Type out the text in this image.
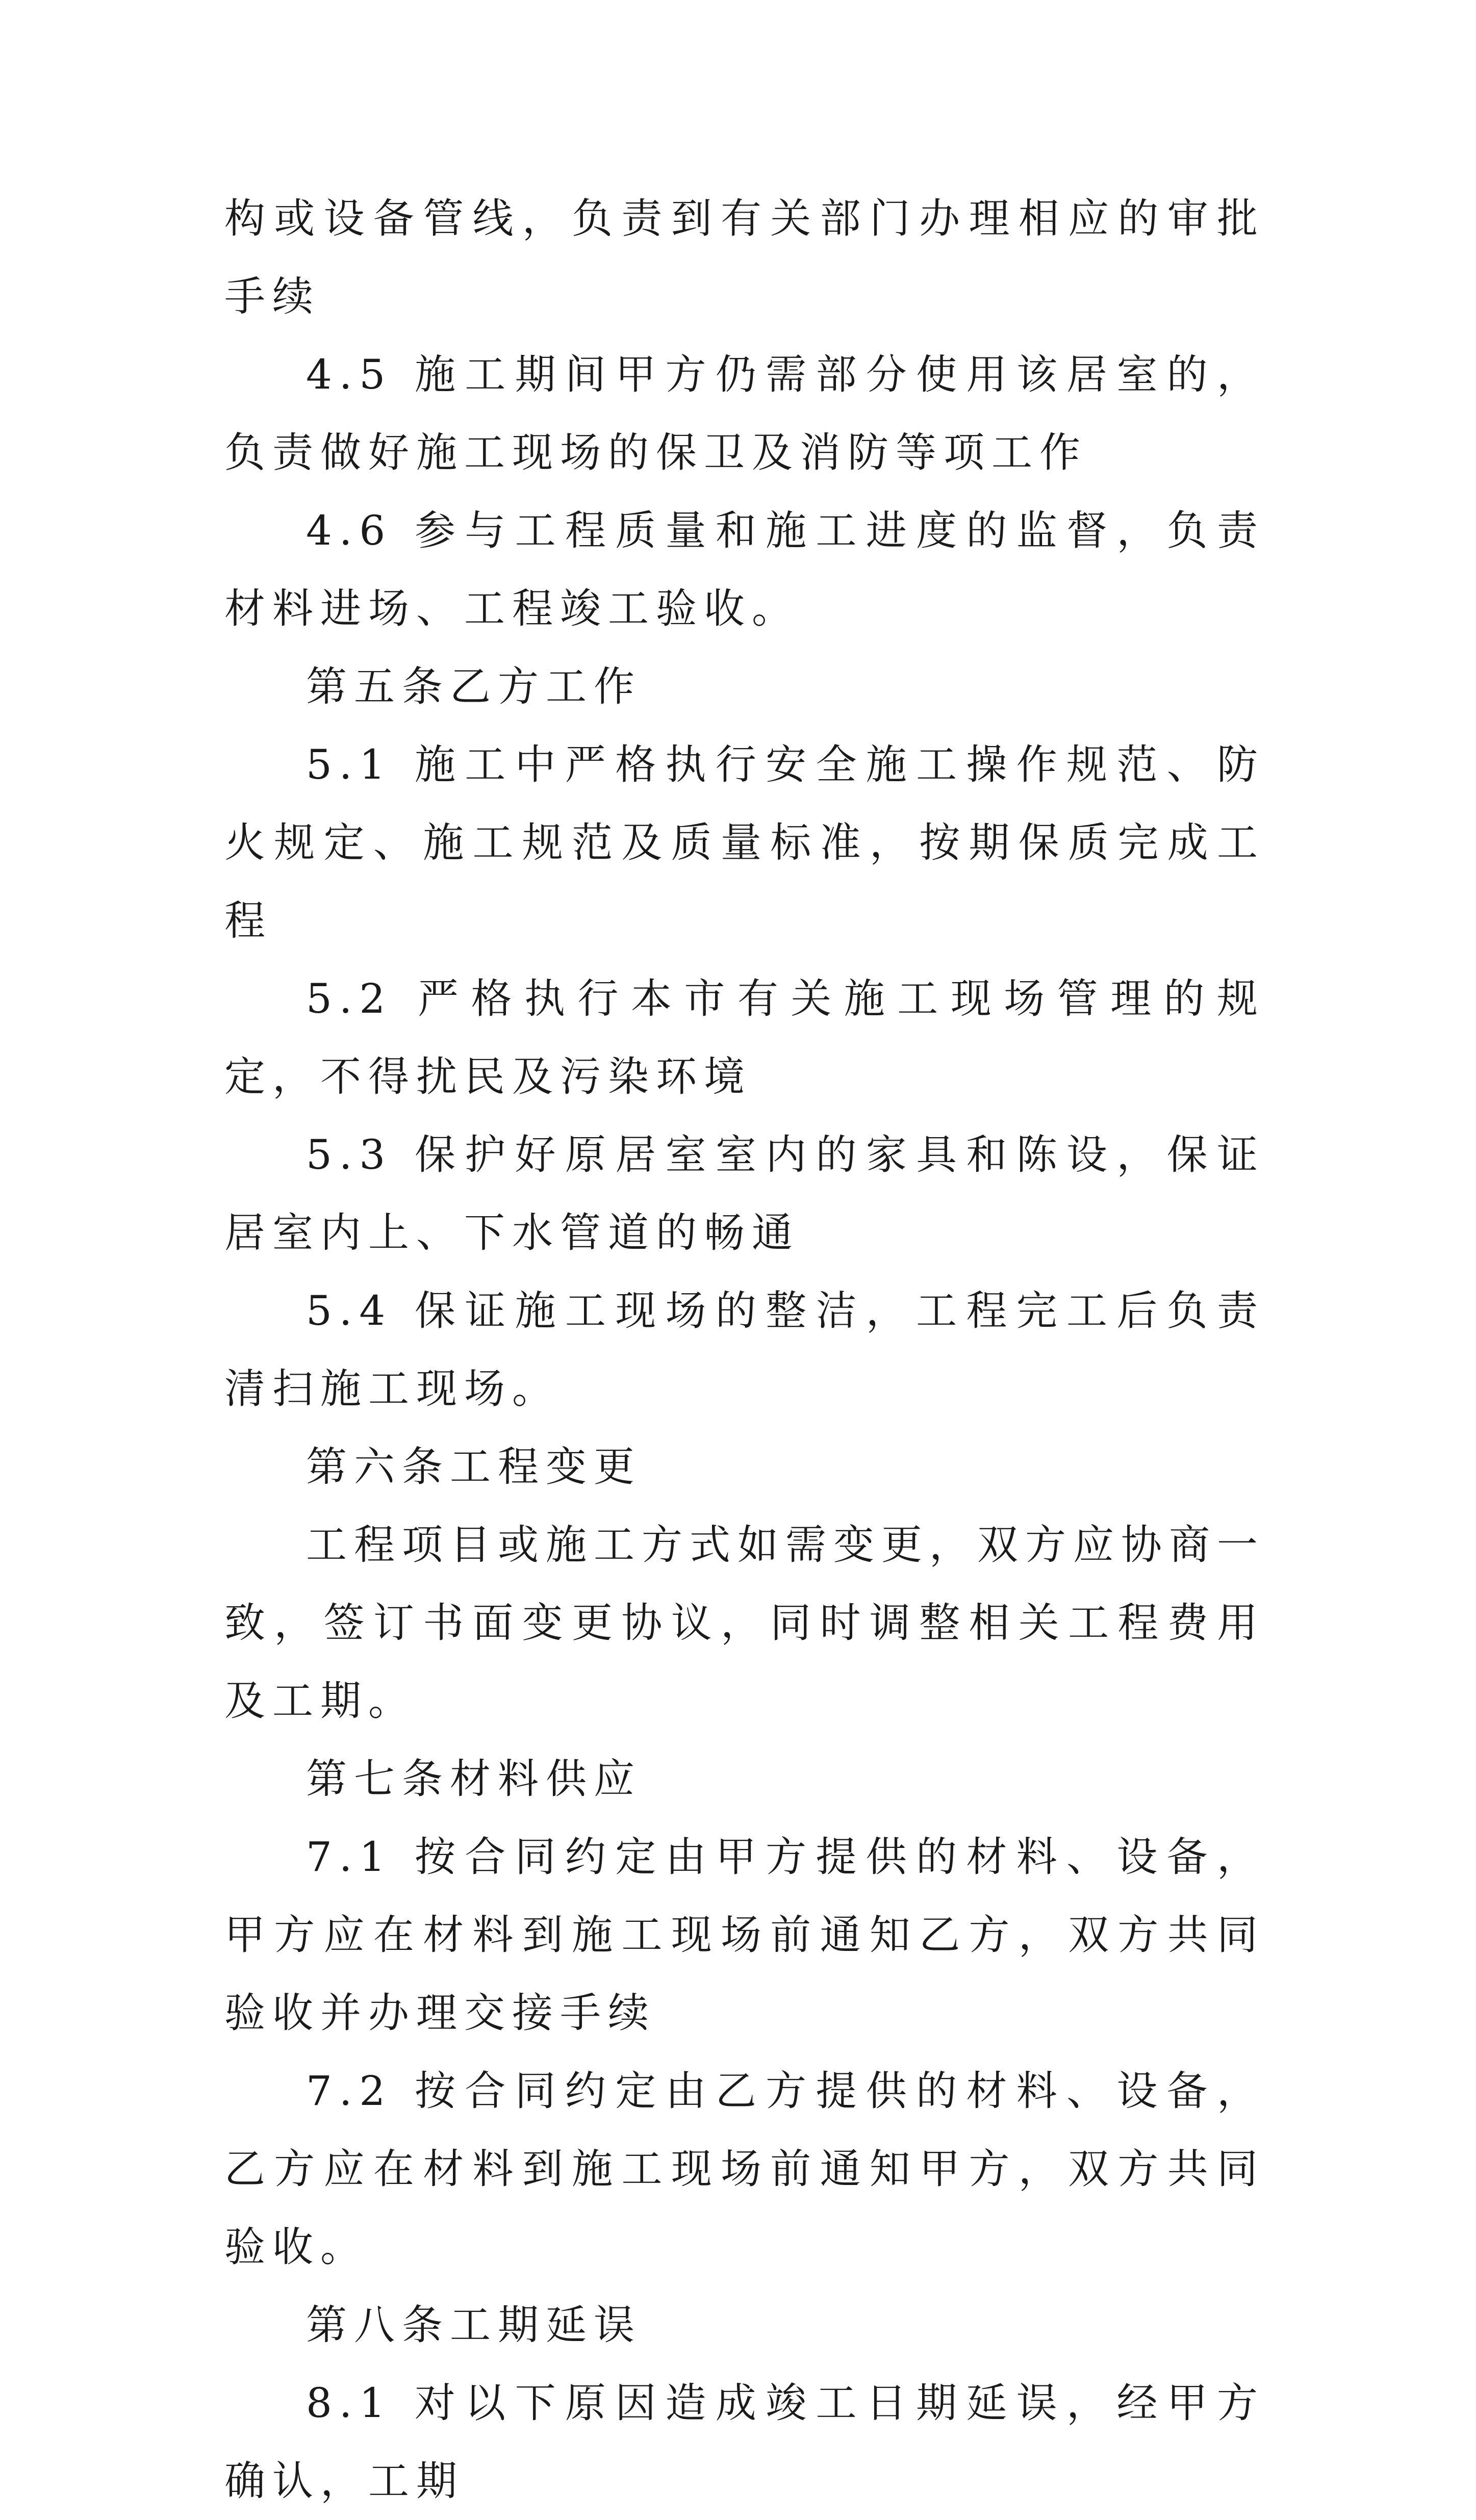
构或设备管线，负责到有关部门办理相应的审批手续

4.5 施工期间甲方仍需部分使用该居室的，负责做好施工现场的保卫及消防等项工作

4.6 参与工程质量和施工进度的监督，负责材料进场、工程竣工验收。

第五条乙方工作

5.1 施工中严格执行安全施工操作规范、防火规定、施工规范及质量标准，按期保质完成工程

5.2 严格执行本市有关施工现场管理的规定，不得扰民及污染环境

5.3 保护好原居室室内的家具和陈设，保证居室内上、下水管道的畅通

5.4 保证施工现场的整洁，工程完工后负责清扫施工现场。

第六条工程变更

工程项目或施工方式如需变更，双方应协商一致，签订书面变更协议，同时调整相关工程费用及工期。

第七条材料供应

7.1 按合同约定由甲方提供的材料、设备，甲方应在材料到施工现场前通知乙方，双方共同验收并办理交接手续

7.2 按合同约定由乙方提供的材料、设备，乙方应在材料到施工现场前通知甲方，双方共同验收。

第八条工期延误

8.1 对以下原因造成竣工日期延误，经甲方确认，工期
